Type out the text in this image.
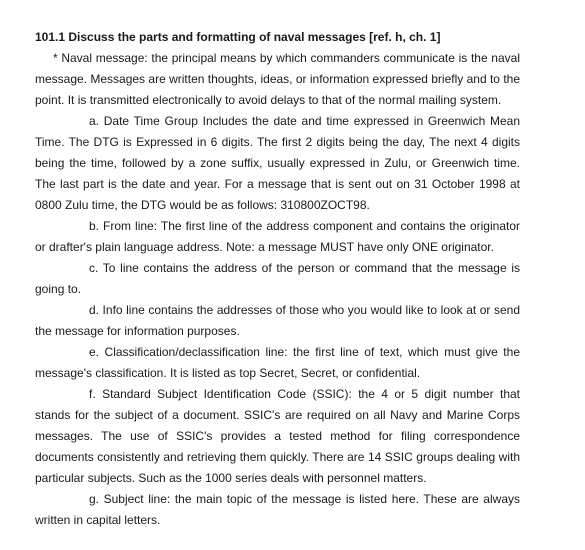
101.1 Discuss the parts and formatting of naval messages [ref. h, ch. 1]

* Naval message: the principal means by which commanders communicate is the naval message. Messages are written thoughts, ideas, or information expressed briefly and to the point. It is transmitted electronically to avoid delays to that of the normal mailing system.

a. Date Time Group Includes the date and time expressed in Greenwich Mean Time. The DTG is Expressed in 6 digits. The first 2 digits being the day, The next 4 digits being the time, followed by a zone suffix, usually expressed in Zulu, or Greenwich time. The last part is the date and year. For a message that is sent out on 31 October 1998 at 0800 Zulu time, the DTG would be as follows: 310800ZOCT98.

b. From line: The first line of the address component and contains the originator or drafter's plain language address. Note: a message MUST have only ONE originator.

c. To line contains the address of the person or command that the message is going to.

d. Info line contains the addresses of those who you would like to look at or send the message for information purposes.

e. Classification/declassification line: the first line of text, which must give the message's classification. It is listed as top Secret, Secret, or confidential.

f. Standard Subject Identification Code (SSIC): the 4 or 5 digit number that stands for the subject of a document. SSIC's are required on all Navy and Marine Corps messages. The use of SSIC's provides a tested method for filing correspondence documents consistently and retrieving them quickly. There are 14 SSIC groups dealing with particular subjects. Such as the 1000 series deals with personnel matters.

g. Subject line: the main topic of the message is listed here. These are always written in capital letters.
